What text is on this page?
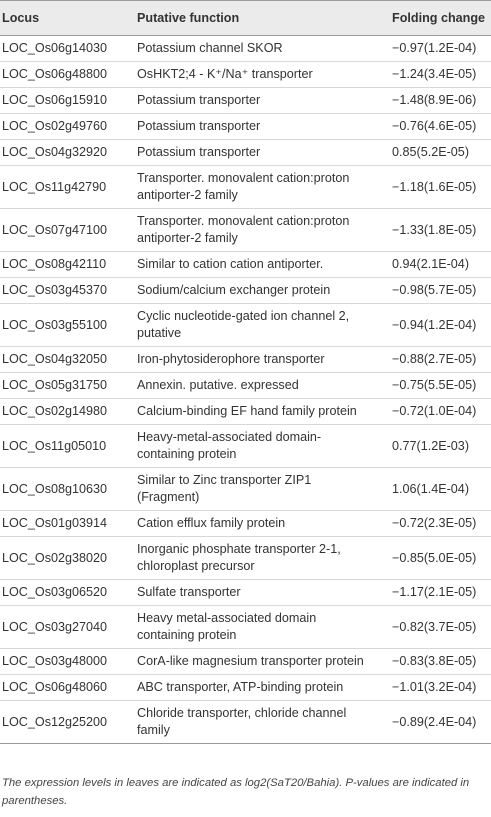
Locus	Putative function	Folding change
LOC_Os06g14030	Potassium channel SKOR	−0.97(1.2E-04)
LOC_Os06g48800	OsHKT2;4 - K⁺/Na⁺ transporter	−1.24(3.4E-05)
LOC_Os06g15910	Potassium transporter	−1.48(8.9E-06)
LOC_Os02g49760	Potassium transporter	−0.76(4.6E-05)
LOC_Os04g32920	Potassium transporter	0.85(5.2E-05)
LOC_Os11g42790	Transporter. monovalent cation:proton antiporter-2 family	−1.18(1.6E-05)
LOC_Os07g47100	Transporter. monovalent cation:proton antiporter-2 family	−1.33(1.8E-05)
LOC_Os08g42110	Similar to cation cation antiporter.	0.94(2.1E-04)
LOC_Os03g45370	Sodium/calcium exchanger protein	−0.98(5.7E-05)
LOC_Os03g55100	Cyclic nucleotide-gated ion channel 2, putative	−0.94(1.2E-04)
LOC_Os04g32050	Iron-phytosiderophore transporter	−0.88(2.7E-05)
LOC_Os05g31750	Annexin. putative. expressed	−0.75(5.5E-05)
LOC_Os02g14980	Calcium-binding EF hand family protein	−0.72(1.0E-04)
LOC_Os11g05010	Heavy-metal-associated domain-containing protein	0.77(1.2E-03)
LOC_Os08g10630	Similar to Zinc transporter ZIP1 (Fragment)	1.06(1.4E-04)
LOC_Os01g03914	Cation efflux family protein	−0.72(2.3E-05)
LOC_Os02g38020	Inorganic phosphate transporter 2-1, chloroplast precursor	−0.85(5.0E-05)
LOC_Os03g06520	Sulfate transporter	−1.17(2.1E-05)
LOC_Os03g27040	Heavy metal-associated domain containing protein	−0.82(3.7E-05)
LOC_Os03g48000	CorA-like magnesium transporter protein	−0.83(3.8E-05)
LOC_Os06g48060	ABC transporter, ATP-binding protein	−1.01(3.2E-04)
LOC_Os12g25200	Chloride transporter, chloride channel family	−0.89(2.4E-04)
The expression levels in leaves are indicated as log2(SaT20/Bahia). P-values are indicated in parentheses.
